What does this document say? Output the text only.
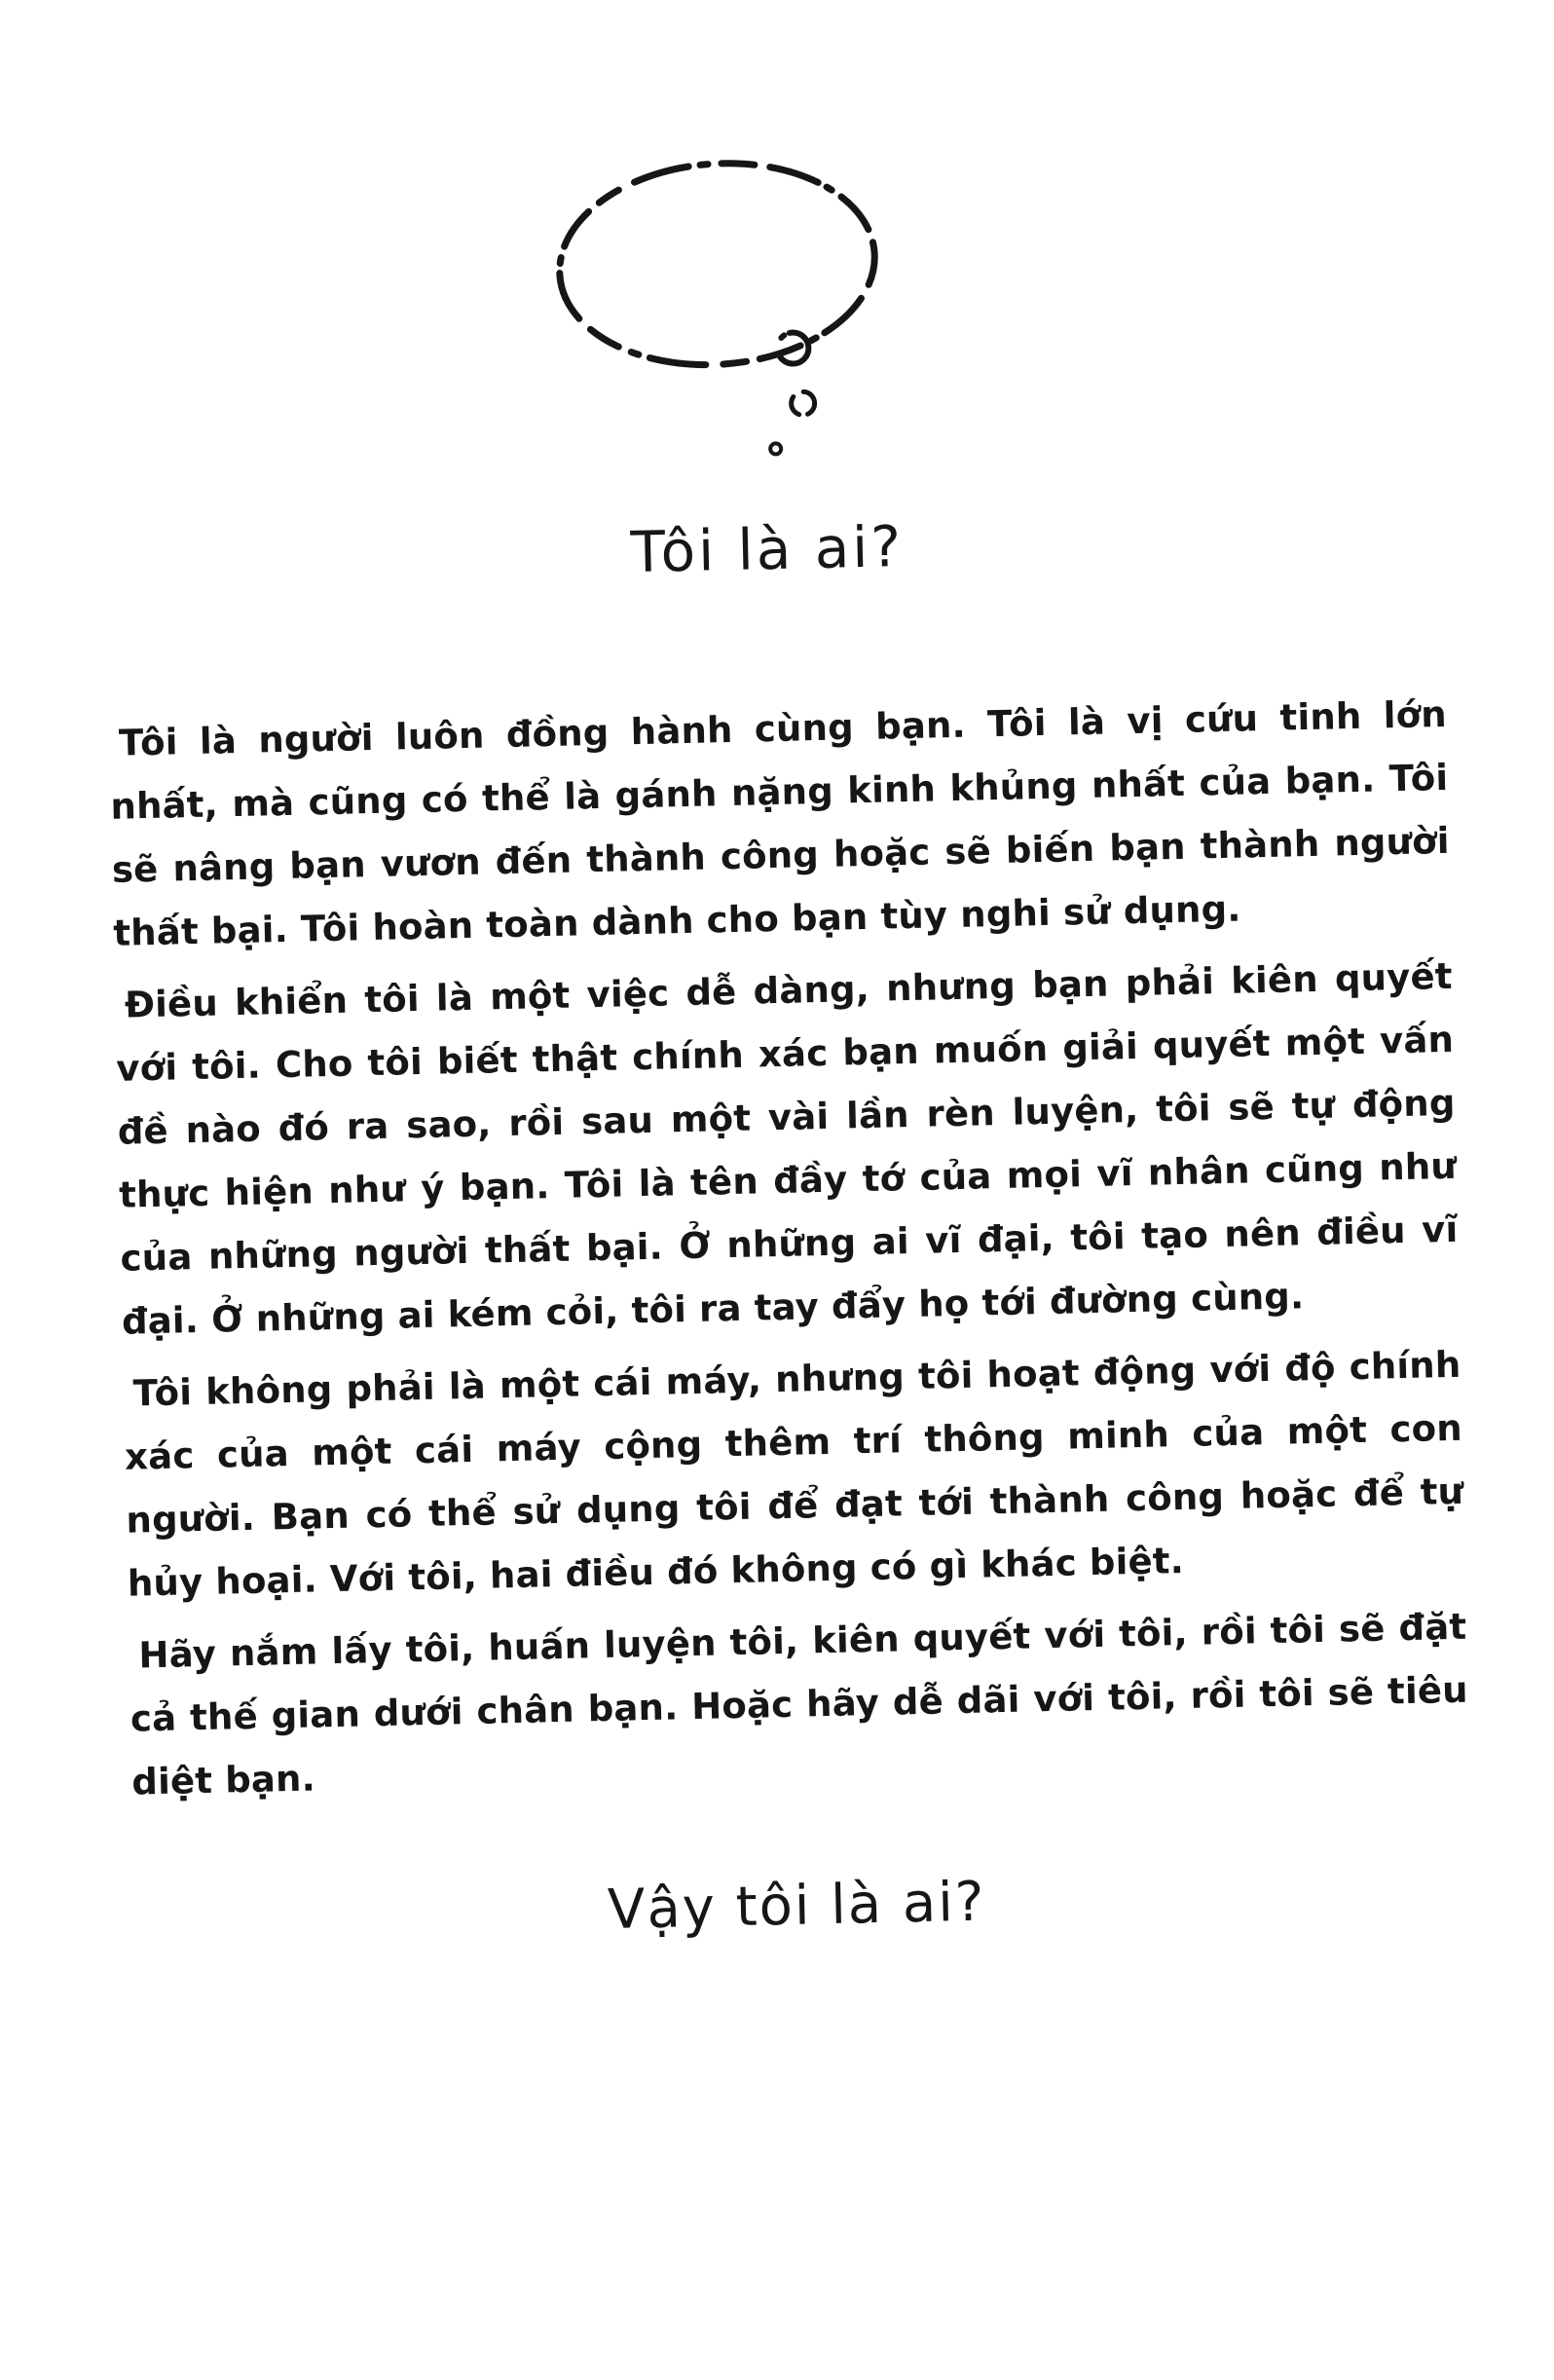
Tôi là ai?

Tôi là người luôn đồng hành cùng bạn. Tôi là vị cứu tinh lớn nhất, mà cũng có thể là gánh nặng kinh khủng nhất của bạn. Tôi sẽ nâng bạn vươn đến thành công hoặc sẽ biến bạn thành người thất bại. Tôi hoàn toàn dành cho bạn tùy nghi sử dụng.

Điều khiển tôi là một việc dễ dàng, nhưng bạn phải kiên quyết với tôi. Cho tôi biết thật chính xác bạn muốn giải quyết một vấn đề nào đó ra sao, rồi sau một vài lần rèn luyện, tôi sẽ tự động thực hiện như ý bạn. Tôi là tên đầy tớ của mọi vĩ nhân cũng như của những người thất bại. Ở những ai vĩ đại, tôi tạo nên điều vĩ đại. Ở những ai kém cỏi, tôi ra tay đẩy họ tới đường cùng.

Tôi không phải là một cái máy, nhưng tôi hoạt động với độ chính xác của một cái máy cộng thêm trí thông minh của một con người. Bạn có thể sử dụng tôi để đạt tới thành công hoặc để tự hủy hoại. Với tôi, hai điều đó không có gì khác biệt.

Hãy nắm lấy tôi, huấn luyện tôi, kiên quyết với tôi, rồi tôi sẽ đặt cả thế gian dưới chân bạn. Hoặc hãy dễ dãi với tôi, rồi tôi sẽ tiêu diệt bạn.

Vậy tôi là ai?
